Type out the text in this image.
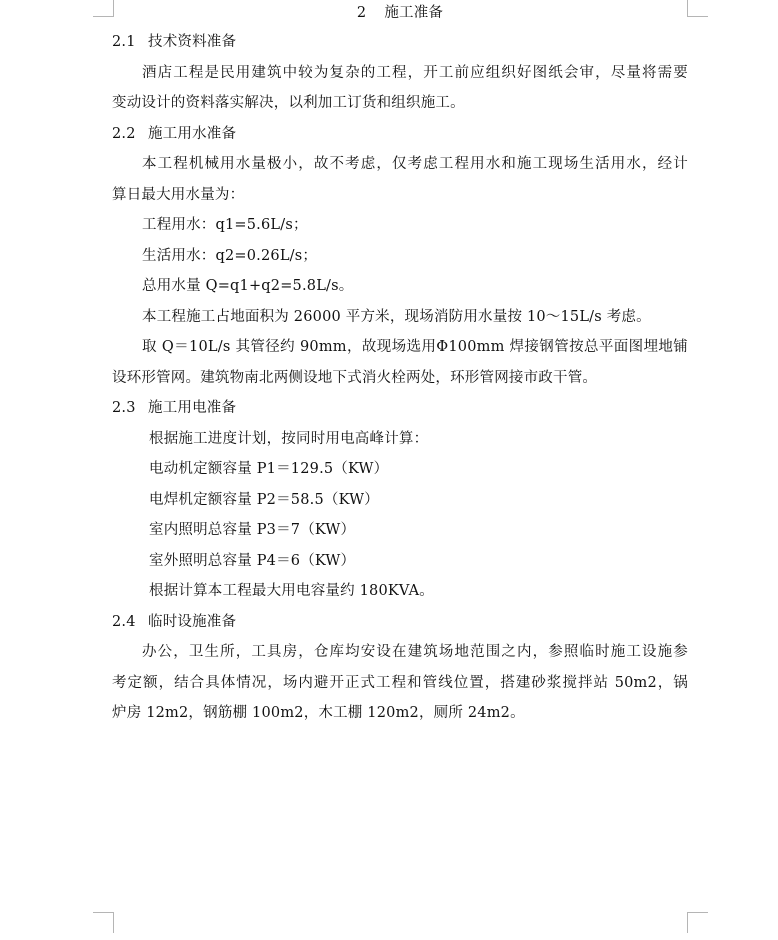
2 施工准备
2.1 技术资料准备
酒店工程是民用建筑中较为复杂的工程，开工前应组织好图纸会审，尽量将需要
变动设计的资料落实解决，以利加工订货和组织施工。
2.2 施工用水准备
本工程机械用水量极小，故不考虑，仅考虑工程用水和施工现场生活用水，经计
算日最大用水量为：
工程用水：q1=5.6L/s；
生活用水：q2=0.26L/s；
总用水量 Q=q1+q2=5.8L/s。
本工程施工占地面积为 26000 平方米，现场消防用水量按 10～15L/s 考虑。
取 Q＝10L/s 其管径约 90mm，故现场选用Φ100mm 焊接钢管按总平面图埋地铺
设环形管网。建筑物南北两侧设地下式消火栓两处，环形管网接市政干管。
2.3 施工用电准备
根据施工进度计划，按同时用电高峰计算：
电动机定额容量 P1＝129.5（KW）
电焊机定额容量 P2＝58.5（KW）
室内照明总容量 P3＝7（KW）
室外照明总容量 P4＝6（KW）
根据计算本工程最大用电容量约 180KVA。
2.4 临时设施准备
办公，卫生所，工具房，仓库均安设在建筑场地范围之内，参照临时施工设施参
考定额，结合具体情况，场内避开正式工程和管线位置，搭建砂浆搅拌站 50m2，锅
炉房 12m2，钢筋棚 100m2，木工棚 120m2，厕所 24m2。
